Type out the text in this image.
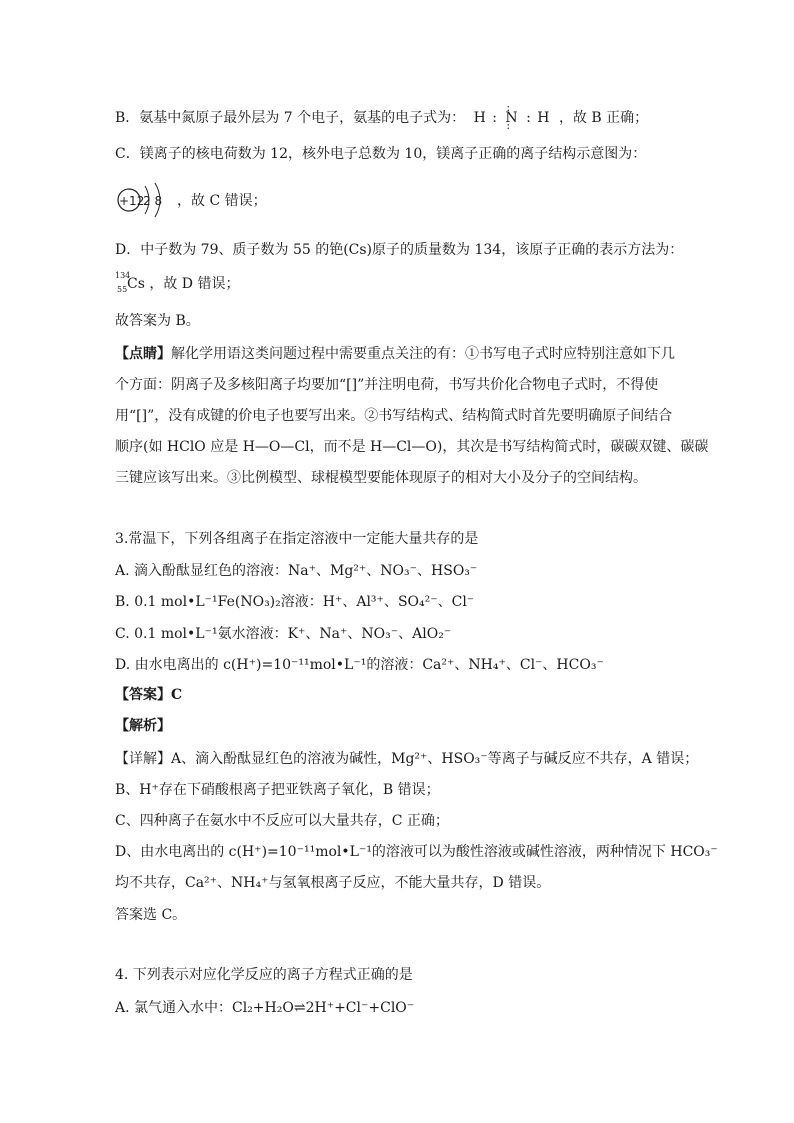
B．氨基中氮原子最外层为 7 个电子，氨基的电子式为： H : : N : : H ，故 B 正确；
C．镁离子的核电荷数为 12，核外电子总数为 10，镁离子正确的离子结构示意图为：
+12
2 8 ，故 C 错误；
D．中子数为 79、质子数为 55 的铯(Cs)原子的质量数为 134，该原子正确的表示方法为：
134
55 Cs ，故 D 错误；
故答案为 B。
【点睛】解化学用语这类问题过程中需要重点关注的有：①书写电子式时应特别注意如下几
个方面：阴离子及多核阳离子均要加“[]”并注明电荷，书写共价化合物电子式时，不得使
用“[]”，没有成键的价电子也要写出来。②书写结构式、结构简式时首先要明确原子间结合
顺序(如 HClO 应是 H—O—Cl，而不是 H—Cl—O)，其次是书写结构简式时，碳碳双键、碳碳
三键应该写出来。③比例模型、球棍模型要能体现原子的相对大小及分子的空间结构。
3.常温下，下列各组离子在指定溶液中一定能大量共存的是
A. 滴入酚酞显红色的溶液：Na⁺、Mg²⁺、NO₃⁻、HSO₃⁻
B. 0.1 mol•L⁻¹Fe(NO₃)₂溶液：H⁺、Al³⁺、SO₄²⁻、Cl⁻
C. 0.1 mol•L⁻¹氨水溶液：K⁺、Na⁺、NO₃⁻、AlO₂⁻
D. 由水电离出的 c(H⁺)=10⁻¹¹mol•L⁻¹的溶液：Ca²⁺、NH₄⁺、Cl⁻、HCO₃⁻
【答案】C
【解析】
【详解】A、滴入酚酞显红色的溶液为碱性，Mg²⁺、HSO₃⁻等离子与碱反应不共存，A 错误；
B、H⁺存在下硝酸根离子把亚铁离子氧化，B 错误；
C、四种离子在氨水中不反应可以大量共存，C 正确；
D、由水电离出的 c(H⁺)=10⁻¹¹mol•L⁻¹的溶液可以为酸性溶液或碱性溶液，两种情况下 HCO₃⁻
均不共存，Ca²⁺、NH₄⁺与氢氧根离子反应，不能大量共存，D 错误。
答案选 C。
4. 下列表示对应化学反应的离子方程式正确的是
A. 氯气通入水中：Cl₂+H₂O⇌2H⁺+Cl⁻+ClO⁻
